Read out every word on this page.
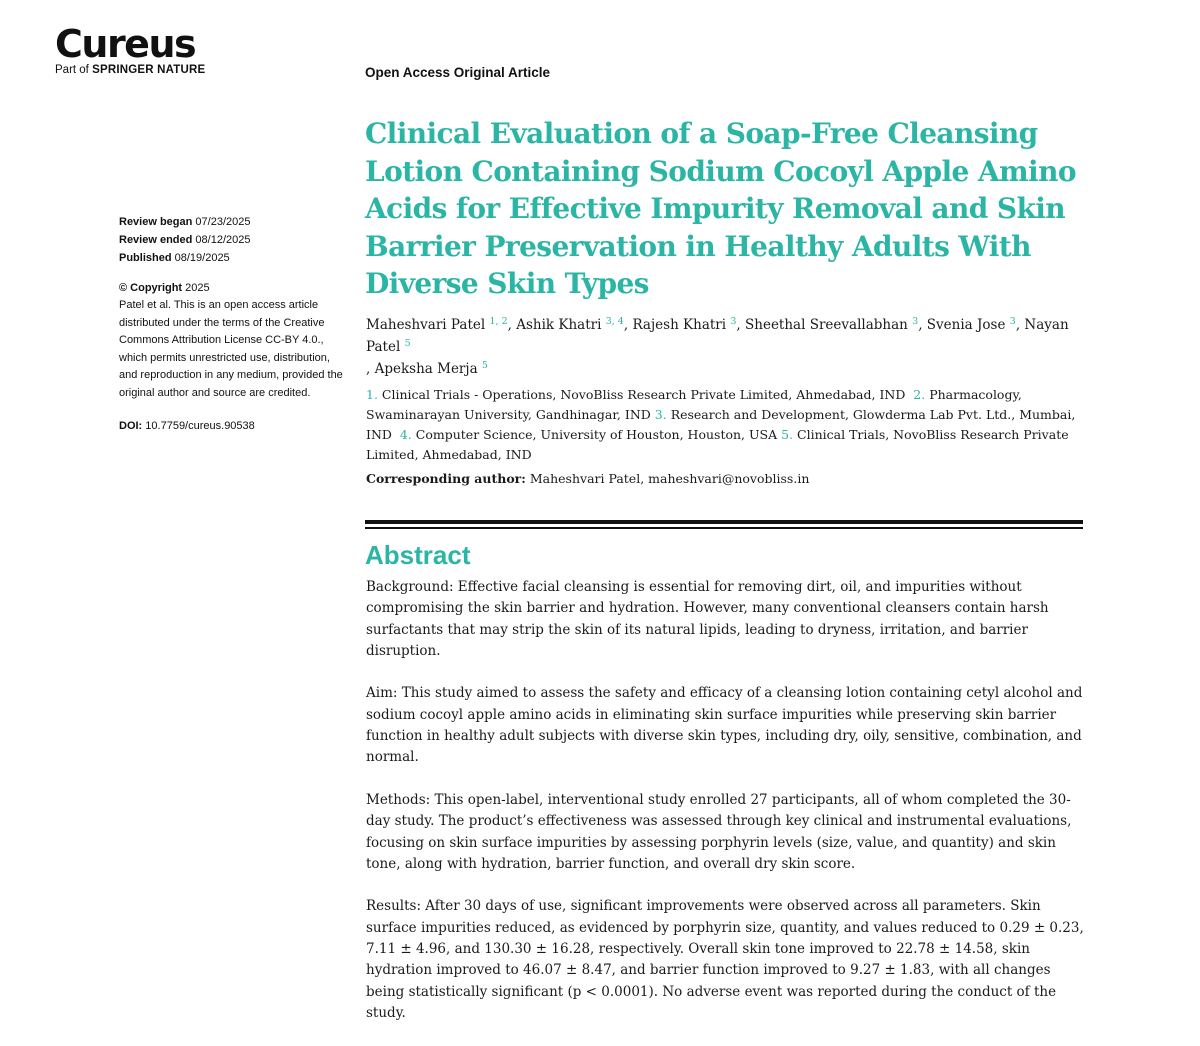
Cureus
Part of SPRINGER NATURE
Review began 07/23/2025
Review ended 08/12/2025
Published 08/19/2025
© Copyright 2025
Patel et al. This is an open access article distributed under the terms of the Creative Commons Attribution License CC-BY 4.0., which permits unrestricted use, distribution, and reproduction in any medium, provided the original author and source are credited.
DOI: 10.7759/cureus.90538
Open Access Original Article
Clinical Evaluation of a Soap-Free Cleansing Lotion Containing Sodium Cocoyl Apple Amino Acids for Effective Impurity Removal and Skin Barrier Preservation in Healthy Adults With Diverse Skin Types
Maheshvari Patel $^{1, 2}$, Ashik Khatri $^{3, 4}$, Rajesh Khatri $^3$, Sheethal Sreevallabhan $^3$, Svenia Jose $^3$, Nayan Patel $^5$
, Apeksha Merja $^5$
1. Clinical Trials - Operations, NovoBliss Research Private Limited, Ahmedabad, IND 2. Pharmacology, Swaminarayan University, Gandhinagar, IND 3. Research and Development, Glowderma Lab Pvt. Ltd., Mumbai, IND 4. Computer Science, University of Houston, Houston, USA 5. Clinical Trials, NovoBliss Research Private Limited, Ahmedabad, IND
Corresponding author: Maheshvari Patel, maheshvari@novobliss.in
Abstract

Background: Effective facial cleansing is essential for removing dirt, oil, and impurities without compromising the skin barrier and hydration. However, many conventional cleansers contain harsh surfactants that may strip the skin of its natural lipids, leading to dryness, irritation, and barrier disruption.

Aim: This study aimed to assess the safety and efficacy of a cleansing lotion containing cetyl alcohol and sodium cocoyl apple amino acids in eliminating skin surface impurities while preserving skin barrier function in healthy adult subjects with diverse skin types, including dry, oily, sensitive, combination, and normal.

Methods: This open-label, interventional study enrolled 27 participants, all of whom completed the 30-day study. The product’s effectiveness was assessed through key clinical and instrumental evaluations, focusing on skin surface impurities by assessing porphyrin levels (size, value, and quantity) and skin tone, along with hydration, barrier function, and overall dry skin score.

Results: After 30 days of use, significant improvements were observed across all parameters. Skin surface impurities reduced, as evidenced by porphyrin size, quantity, and values reduced to 0.29 ± 0.23, 7.11 ± 4.96, and 130.30 ± 16.28, respectively. Overall skin tone improved to 22.78 ± 14.58, skin hydration improved to 46.07 ± 8.47, and barrier function improved to 9.27 ± 1.83, with all changes being statistically significant (p < 0.0001). No adverse event was reported during the conduct of the study.
